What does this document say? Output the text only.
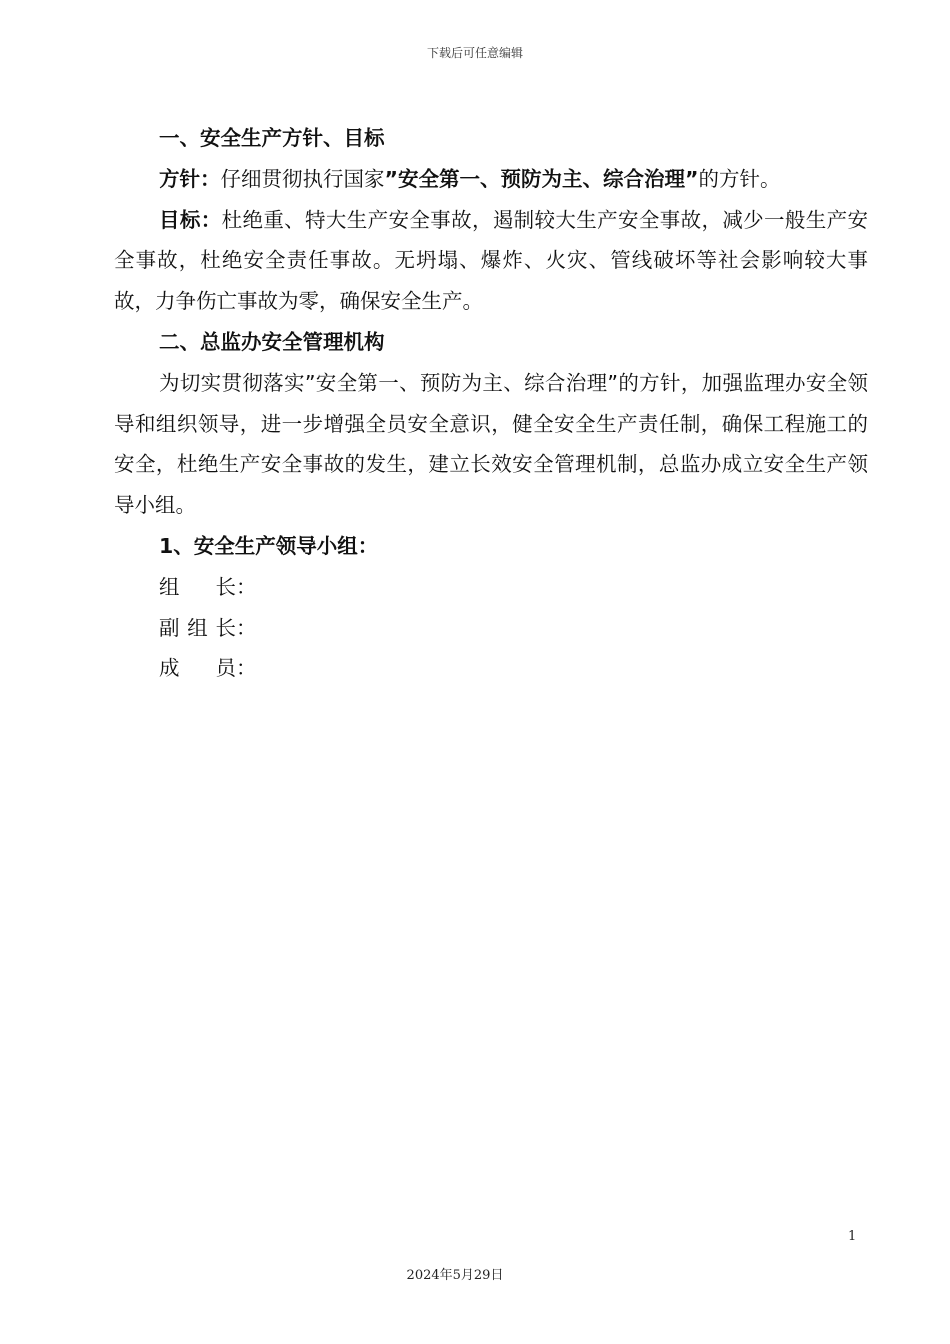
下载后可任意编辑

一、安全生产方针、目标

方针：仔细贯彻执行国家”安全第一、预防为主、综合治理”的方针。

目标：杜绝重、特大生产安全事故，遏制较大生产安全事故，减少一般生产安全事故，杜绝安全责任事故。无坍塌、爆炸、火灾、管线破坏等社会影响较大事故，力争伤亡事故为零，确保安全生产。

二、总监办安全管理机构

为切实贯彻落实”安全第一、预防为主、综合治理”的方针，加强监理办安全领导和组织领导，进一步增强全员安全意识，健全安全生产责任制，确保工程施工的安全，杜绝生产安全事故的发生，建立长效安全管理机制，总监办成立安全生产领导小组。

1、安全生产领导小组：

组长 ：

副组长 ：

成员 ：

1
2024年5月29日
